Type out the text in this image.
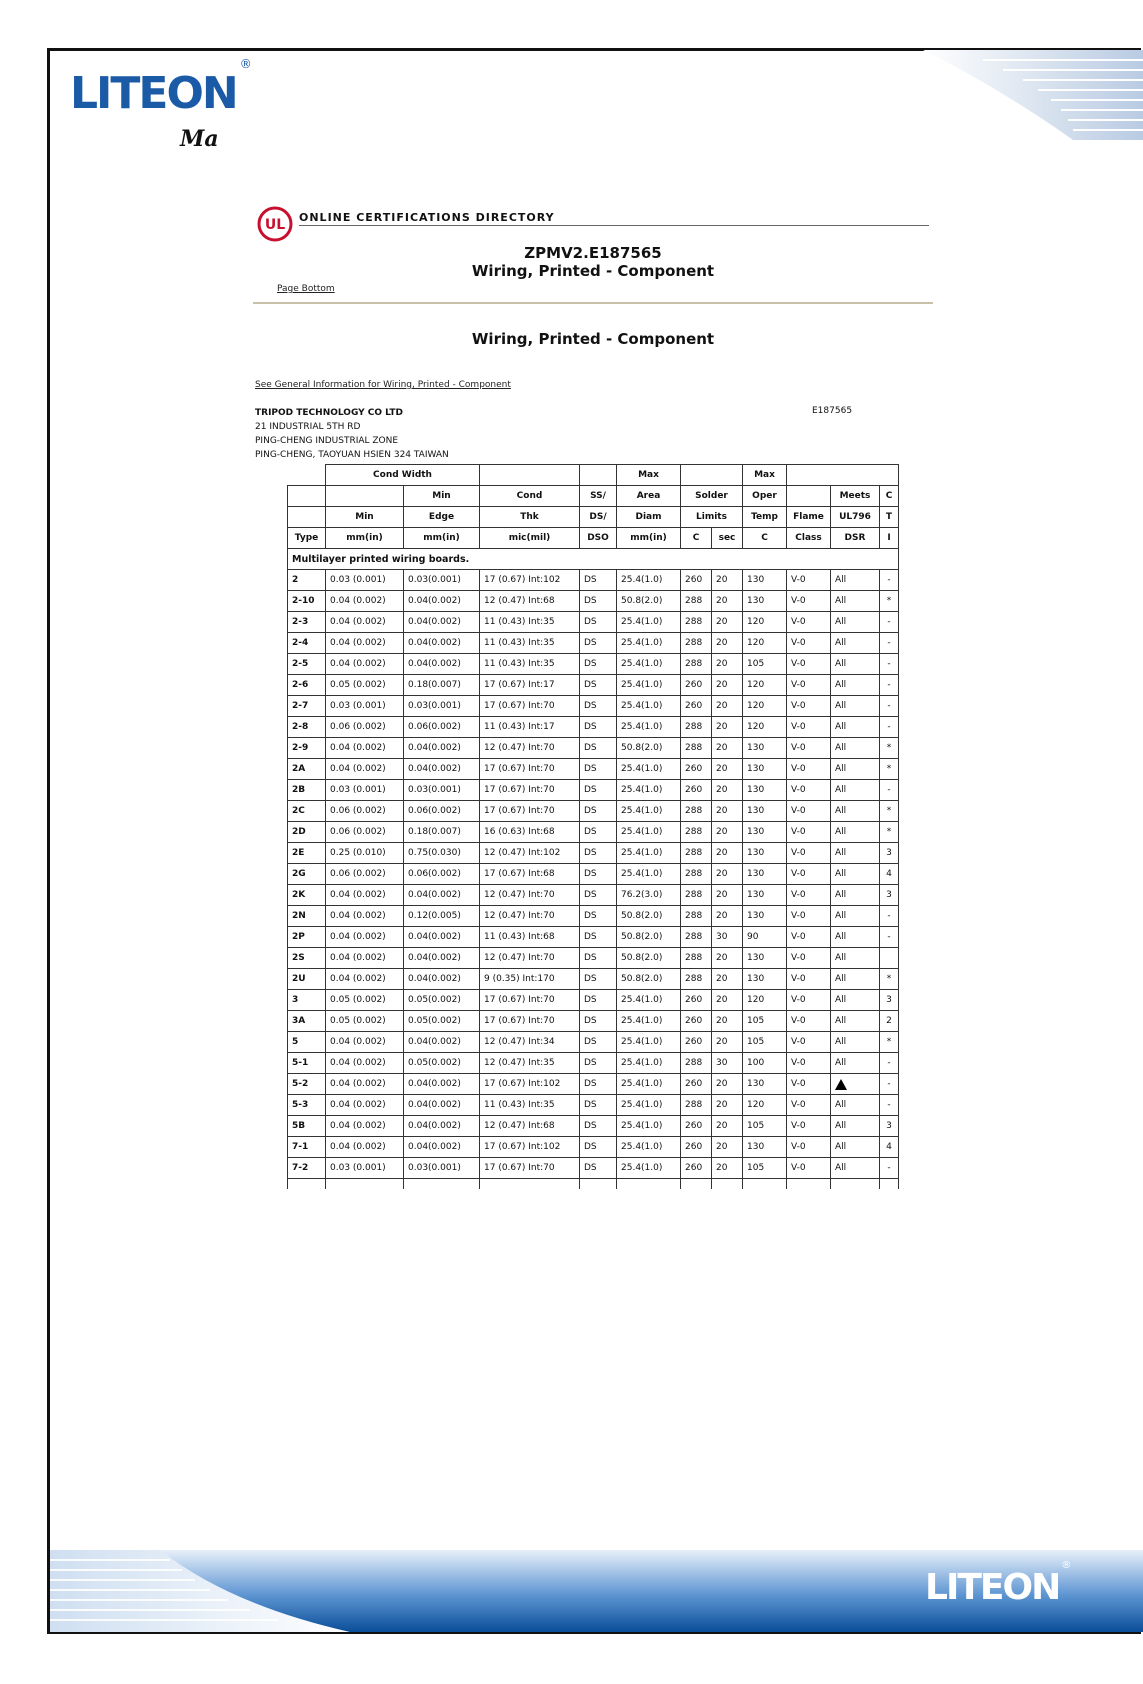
LITEON®
Ma
UL ONLINE CERTIFICATIONS DIRECTORY
ZPMV2.E187565
Wiring, Printed - Component
Page Bottom
Wiring, Printed - Component
See General Information for Wiring, Printed - Component
TRIPOD TECHNOLOGY CO LTD
21 INDUSTRIAL 5TH RD
PING-CHENG INDUSTRIAL ZONE
PING-CHENG, TAOYUAN HSIEN 324 TAIWAN
E187565
	Cond Width				Max			Max			
		Min	Cond	SS/	Area	Solder		Oper		Meets	C
	Min	Edge	Thk	DS/	Diam	Limits		Temp	Flame	UL796	T
Type	mm(in)	mm(in)	mic(mil)	DSO	mm(in)	C	sec	C	Class	DSR	I
Multilayer printed wiring boards.											
2	0.03 (0.001)	0.03(0.001)	17 (0.67) Int:102	DS	25.4(1.0)	260	20	130	V-0	All	-
2-10	0.04 (0.002)	0.04(0.002)	12 (0.47) Int:68	DS	50.8(2.0)	288	20	130	V-0	All	*
2-3	0.04 (0.002)	0.04(0.002)	11 (0.43) Int:35	DS	25.4(1.0)	288	20	120	V-0	All	-
2-4	0.04 (0.002)	0.04(0.002)	11 (0.43) Int:35	DS	25.4(1.0)	288	20	120	V-0	All	-
2-5	0.04 (0.002)	0.04(0.002)	11 (0.43) Int:35	DS	25.4(1.0)	288	20	105	V-0	All	-
2-6	0.05 (0.002)	0.18(0.007)	17 (0.67) Int:17	DS	25.4(1.0)	260	20	120	V-0	All	-
2-7	0.03 (0.001)	0.03(0.001)	17 (0.67) Int:70	DS	25.4(1.0)	260	20	120	V-0	All	-
2-8	0.06 (0.002)	0.06(0.002)	11 (0.43) Int:17	DS	25.4(1.0)	288	20	120	V-0	All	-
2-9	0.04 (0.002)	0.04(0.002)	12 (0.47) Int:70	DS	50.8(2.0)	288	20	130	V-0	All	*
2A	0.04 (0.002)	0.04(0.002)	17 (0.67) Int:70	DS	25.4(1.0)	260	20	130	V-0	All	*
2B	0.03 (0.001)	0.03(0.001)	17 (0.67) Int:70	DS	25.4(1.0)	260	20	130	V-0	All	-
2C	0.06 (0.002)	0.06(0.002)	17 (0.67) Int:70	DS	25.4(1.0)	288	20	130	V-0	All	*
2D	0.06 (0.002)	0.18(0.007)	16 (0.63) Int:68	DS	25.4(1.0)	288	20	130	V-0	All	*
2E	0.25 (0.010)	0.75(0.030)	12 (0.47) Int:102	DS	25.4(1.0)	288	20	130	V-0	All	3
2G	0.06 (0.002)	0.06(0.002)	17 (0.67) Int:68	DS	25.4(1.0)	288	20	130	V-0	All	4
2K	0.04 (0.002)	0.04(0.002)	12 (0.47) Int:70	DS	76.2(3.0)	288	20	130	V-0	All	3
2N	0.04 (0.002)	0.12(0.005)	12 (0.47) Int:70	DS	50.8(2.0)	288	20	130	V-0	All	-
2P	0.04 (0.002)	0.04(0.002)	11 (0.43) Int:68	DS	50.8(2.0)	288	30	90	V-0	All	-
2S	0.04 (0.002)	0.04(0.002)	12 (0.47) Int:70	DS	50.8(2.0)	288	20	130	V-0	All	
2U	0.04 (0.002)	0.04(0.002)	9 (0.35) Int:170	DS	50.8(2.0)	288	20	130	V-0	All	*
3	0.05 (0.002)	0.05(0.002)	17 (0.67) Int:70	DS	25.4(1.0)	260	20	120	V-0	All	3
3A	0.05 (0.002)	0.05(0.002)	17 (0.67) Int:70	DS	25.4(1.0)	260	20	105	V-0	All	2
5	0.04 (0.002)	0.04(0.002)	12 (0.47) Int:34	DS	25.4(1.0)	260	20	105	V-0	All	*
5-1	0.04 (0.002)	0.05(0.002)	12 (0.47) Int:35	DS	25.4(1.0)	288	30	100	V-0	All	-
5-2	0.04 (0.002)	0.04(0.002)	17 (0.67) Int:102	DS	25.4(1.0)	260	20	130	V-0		-
5-3	0.04 (0.002)	0.04(0.002)	11 (0.43) Int:35	DS	25.4(1.0)	288	20	120	V-0	All	-
5B	0.04 (0.002)	0.04(0.002)	12 (0.47) Int:68	DS	25.4(1.0)	260	20	105	V-0	All	3
7-1	0.04 (0.002)	0.04(0.002)	17 (0.67) Int:102	DS	25.4(1.0)	260	20	130	V-0	All	4
7-2	0.03 (0.001)	0.03(0.001)	17 (0.67) Int:70	DS	25.4(1.0)	260	20	105	V-0	All	-

LITEON®
